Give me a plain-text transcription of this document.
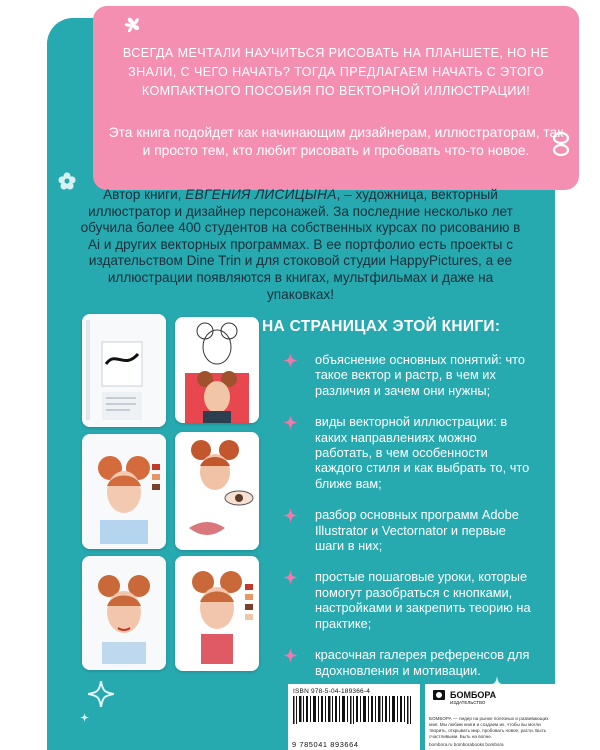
ВСЕГДА МЕЧТАЛИ НАУЧИТЬСЯ РИСОВАТЬ НА ПЛАНШЕТЕ, НО НЕ ЗНАЛИ, С ЧЕГО НАЧАТЬ? ТОГДА ПРЕДЛАГАЕМ НАЧАТЬ С ЭТОГО КОМПАКТНОГО ПОСОБИЯ ПО ВЕКТОРНОЙ ИЛЛЮСТРАЦИИ!

Эта книга подойдет как начинающим дизайнерам, иллюстраторам, так и просто тем, кто любит рисовать и пробовать что-то новое.

Автор книги, ЕВГЕНИЯ ЛИСИЦЫНА, – художница, векторный иллюстратор и дизайнер персонажей. За последние несколько лет обучила более 400 студентов на собственных курсах по рисованию в Ai и других векторных программах. В ее портфолио есть проекты с издательством Dine Trin и для стоковой студии HappyPictures, а ее иллюстрации появляются в книгах, мультфильмах и даже на упаковках!
НА СТРАНИЦАХ ЭТОЙ КНИГИ:
объяснение основных понятий: что такое вектор и растр, в чем их различия и зачем они нужны;
виды векторной иллюстрации: в каких направлениях можно работать, в чем особенности каждого стиля и как выбрать то, что ближе вам;
разбор основных программ Adobe Illustrator и Vectornator и первые шаги в них;
простые пошаговые уроки, которые помогут разобраться с кнопками, настройками и закрепить теорию на практике;
красочная галерея референсов для вдохновления и мотивации.
ISBN 978-5-04-189366-4
9 785041 893664
БОМБОРА — лидер на рынке полезных и развивающих книг. Мы любим книги и создаем их, чтобы вы могли творить, открывать мир, пробовать новое, расти. Быть счастливыми. Быть на волне.
bombora.ru bomborabooks bombora
БОМБОРА
ИЗДАТЕЛЬСТВО
